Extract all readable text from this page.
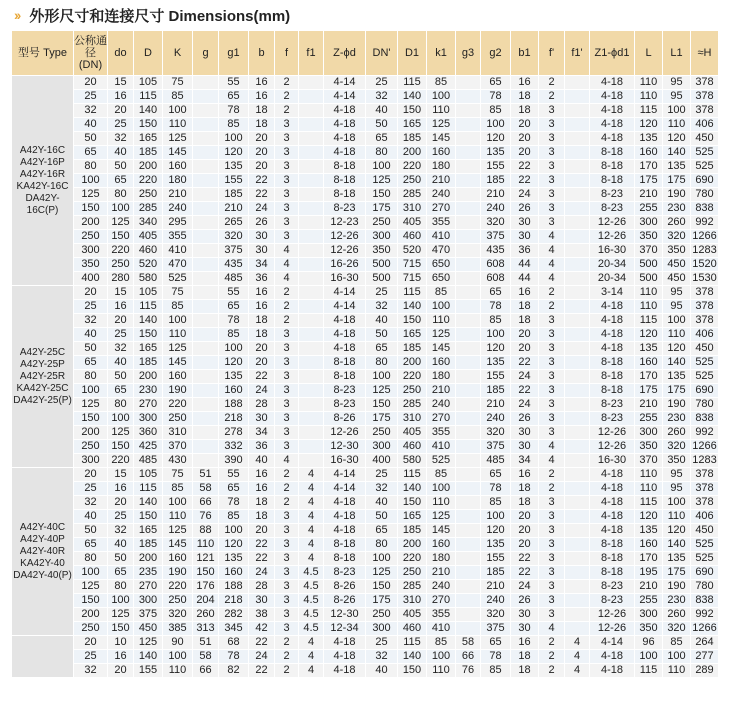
›› 外形尺寸和连接尺寸 Dimensions(mm)
型号 Type	公称通径 (DN)	do	D	K	g	g1	b	f	f1	Z-ϕd	DN'	D1	k1	g3	g2	b1	f'	f1'	Z1-ϕd1	L	L1	≈H
A42Y-16C A42Y-16P A42Y-16R KA42Y-16C DA42Y-16C(P)	20	15	105	75		55	16	2		4-14	25	115	85		65	16	2		4-18	110	95	378
	25	16	115	85		65	16	2		4-14	32	140	100		78	18	2		4-18	110	95	378
	32	20	140	100		78	18	2		4-18	40	150	110		85	18	3		4-18	115	100	378
	40	25	150	110		85	18	3		4-18	50	165	125		100	20	3		4-18	120	110	406
	50	32	165	125		100	20	3		4-18	65	185	145		120	20	3		4-18	135	120	450
	65	40	185	145		120	20	3		4-18	80	200	160		135	20	3		8-18	160	140	525
	80	50	200	160		135	20	3		8-18	100	220	180		155	22	3		8-18	170	135	525
	100	65	220	180		155	22	3		8-18	125	250	210		185	22	3		8-18	175	175	690
	125	80	250	210		185	22	3		8-18	150	285	240		210	24	3		8-23	210	190	780
	150	100	285	240		210	24	3		8-23	175	310	270		240	26	3		8-23	255	230	838
	200	125	340	295		265	26	3		12-23	250	405	355		320	30	3		12-26	300	260	992
	250	150	405	355		320	30	3		12-26	300	460	410		375	30	4		12-26	350	320	1266
	300	220	460	410		375	30	4		12-26	350	520	470		435	36	4		16-30	370	350	1283
	350	250	520	470		435	34	4		16-26	500	715	650		608	44	4		20-34	500	450	1520
	400	280	580	525		485	36	4		16-30	500	715	650		608	44	4		20-34	500	450	1530
A42Y-25C A42Y-25P A42Y-25R KA42Y-25C DA42Y-25(P)	20	15	105	75		55	16	2		4-14	25	115	85		65	16	2		3-14	110	95	378
	25	16	115	85		65	16	2		4-14	32	140	100		78	18	2		4-18	110	95	378
	32	20	140	100		78	18	2		4-18	40	150	110		85	18	3		4-18	115	100	378
	40	25	150	110		85	18	3		4-18	50	165	125		100	20	3		4-18	120	110	406
	50	32	165	125		100	20	3		4-18	65	185	145		120	20	3		4-18	135	120	450
	65	40	185	145		120	20	3		8-18	80	200	160		135	22	3		8-18	160	140	525
	80	50	200	160		135	22	3		8-18	100	220	180		155	24	3		8-18	170	135	525
	100	65	230	190		160	24	3		8-23	125	250	210		185	22	3		8-18	175	175	690
	125	80	270	220		188	28	3		8-23	150	285	240		210	24	3		8-23	210	190	780
	150	100	300	250		218	30	3		8-26	175	310	270		240	26	3		8-23	255	230	838
	200	125	360	310		278	34	3		12-26	250	405	355		320	30	3		12-26	300	260	992
	250	150	425	370		332	36	3		12-30	300	460	410		375	30	4		12-26	350	320	1266
	300	220	485	430		390	40	4		16-30	400	580	525		485	34	4		16-30	370	350	1283
A42Y-40C A42Y-40P A42Y-40R KA42Y-40 DA42Y-40(P)	20	15	105	75	51	55	16	2	4	4-14	25	115	85		65	16	2		4-18	110	95	378
	25	16	115	85	58	65	16	2	4	4-14	32	140	100		78	18	2		4-18	110	95	378
	32	20	140	100	66	78	18	2	4	4-18	40	150	110		85	18	3		4-18	115	100	378
	40	25	150	110	76	85	18	3	4	4-18	50	165	125		100	20	3		4-18	120	110	406
	50	32	165	125	88	100	20	3	4	4-18	65	185	145		120	20	3		4-18	135	120	450
	65	40	185	145	110	120	22	3	4	8-18	80	200	160		135	20	3		8-18	160	140	525
	80	50	200	160	121	135	22	3	4	8-18	100	220	180		155	22	3		8-18	170	135	525
	100	65	235	190	150	160	24	3	4.5	8-23	125	250	210		185	22	3		8-18	195	175	690
	125	80	270	220	176	188	28	3	4.5	8-26	150	285	240		210	24	3		8-23	210	190	780
	150	100	300	250	204	218	30	3	4.5	8-26	175	310	270		240	26	3		8-23	255	230	838
	200	125	375	320	260	282	38	3	4.5	12-30	250	405	355		320	30	3		12-26	300	260	992
	250	150	450	385	313	345	42	3	4.5	12-34	300	460	410		375	30	4		12-26	350	320	1266
	20	10	125	90	51	68	22	2	4	4-18	25	115	85	58	65	16	2	4	4-14	96	85	264
	25	16	140	100	58	78	24	2	4	4-18	32	140	100	66	78	18	2	4	4-18	100	100	277
	32	20	155	110	66	82	22	2	4	4-18	40	150	110	76	85	18	2	4	4-18	115	110	289
